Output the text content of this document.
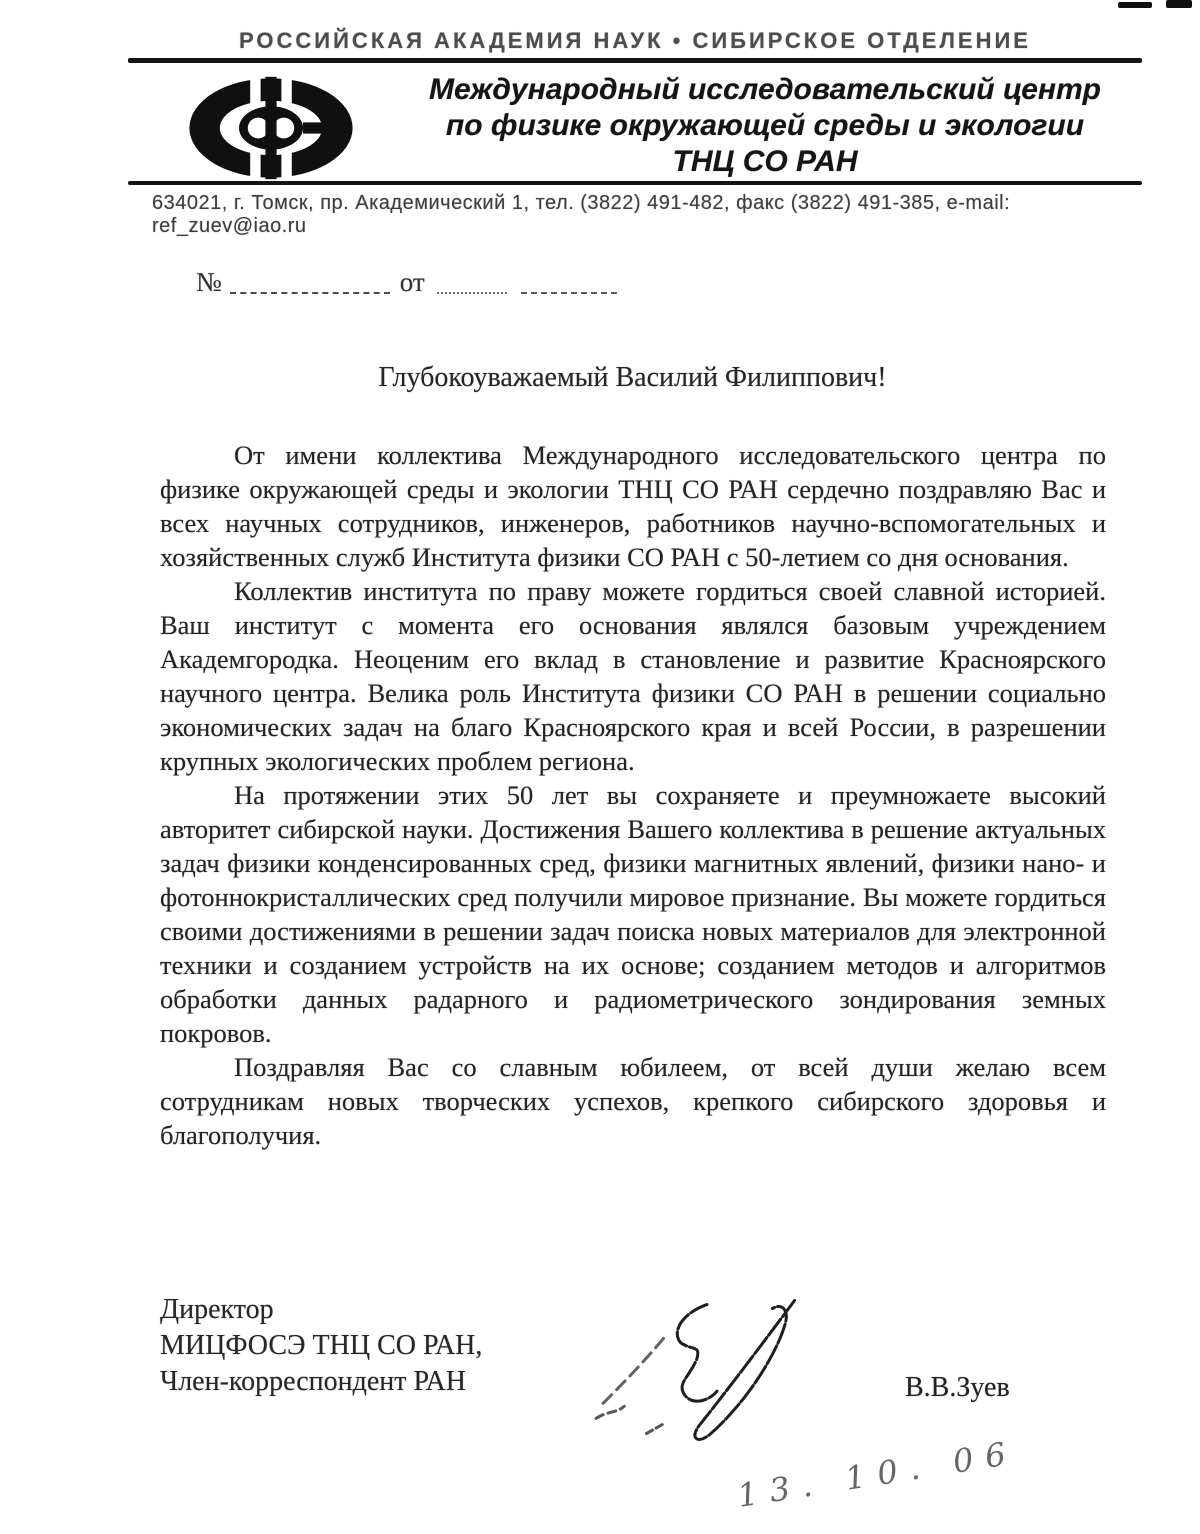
РОССИЙСКАЯ АКАДЕМИЯ НАУК • СИБИРСКОЕ ОТДЕЛЕНИЕ
Международный исследовательский центр
по физике окружающей среды и экологии
ТНЦ СО РАН
634021, г. Томск, пр. Академический 1, тел. (3822) 491-482, факс (3822) 491-385, e-mail: ref_zuev@iao.ru
№	от
Глубокоуважаемый Василий Филиппович!

От имени коллектива Международного исследовательского центра по физике окружающей среды и экологии ТНЦ СО РАН сердечно поздравляю Вас и всех научных сотрудников, инженеров, работников научно-вспомогательных и хозяйственных служб Института физики СО РАН с 50-летием со дня основания.

Коллектив института по праву можете гордиться своей славной историей. Ваш институт с момента его основания являлся базовым учреждением Академгородка. Неоценим его вклад в становление и развитие Красноярского научного центра. Велика роль Института физики СО РАН в решении социально экономических задач на благо Красноярского края и всей России, в разрешении крупных экологических проблем региона.

На протяжении этих 50 лет вы сохраняете и преумножаете высокий авторитет сибирской науки. Достижения Вашего коллектива в решение актуальных задач физики конденсированных сред, физики магнитных явлений, физики нано- и фотоннокристаллических сред получили мировое признание. Вы можете гордиться своими достижениями в решении задач поиска новых материалов для электронной техники и созданием устройств на их основе; созданием методов и алгоритмов обработки данных радарного и радиометрического зондирования земных покровов.

Поздравляя Вас со славным юбилеем, от всей души желаю всем сотрудникам новых творческих успехов, крепкого сибирского здоровья и благополучия.

Директор
МИЦФОСЭ ТНЦ СО РАН,
Член-корреспондент РАН	В.В.Зуев
13. 10. 06
